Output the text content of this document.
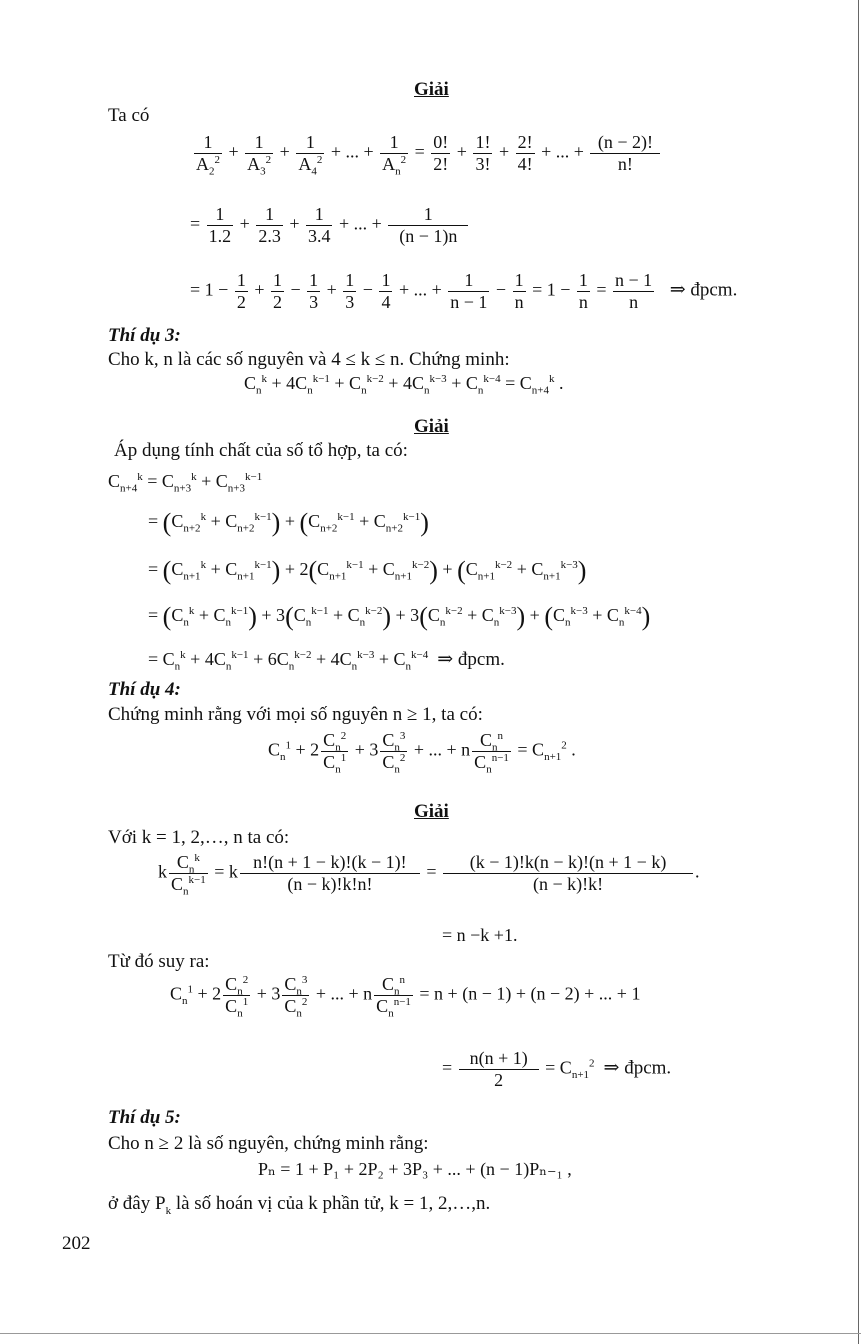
Giải
Ta có
$\frac{1}{A_2^2} + \frac{1}{A_3^2} + \frac{1}{A_4^2}$ + ... + $\frac{1}{A_n^2} = \frac{0!}{2!} + \frac{1!}{3!} + \frac{2!}{4!}$ + ... + $\frac{(n - 2)!}{n!}$
= $\frac{1}{1.2} + \frac{1}{2.3} + \frac{1}{3.4}$ + ... + $\frac{1}{(n - 1)n}$
= $1 - \frac{1}{2} + \frac{1}{2} - \frac{1}{3} + \frac{1}{3} - \frac{1}{4}$ + ... + $\frac{1}{n - 1} - \frac{1}{n} = 1 - \frac{1}{n} = \frac{n - 1}{n}$ ⇒ đpcm.
Thí dụ 3:
Cho k, n là các số nguyên và 4 ≤ k ≤ n. Chứng minh:
$C_n^k + 4C_n^{k-1} + C_n^{k-2} + 4C_n^{k-3} + C_n^{k-4} = C_{n+4}^k$ .
Giải
Áp dụng tính chất của số tổ hợp, ta có:
$C_{n+4}^k = C_{n+3}^k + C_{n+3}^{k-1}$
= $(C_{n+2}^k + C_{n+2}^{k-1}) + (C_{n+2}^{k-1} + C_{n+2}^{k-1})$
= $(C_{n+1}^k + C_{n+1}^{k-1}) + 2(C_{n+1}^{k-1} + C_{n+1}^{k-2}) + (C_{n+1}^{k-2} + C_{n+1}^{k-3})$
= $(C_n^k + C_n^{k-1}) + 3(C_n^{k-1} + C_n^{k-2}) + 3(C_n^{k-2} + C_n^{k-3}) + (C_n^{k-3} + C_n^{k-4})$
= $C_n^k + 4C_n^{k-1} + 6C_n^{k-2} + 4C_n^{k-3} + C_n^{k-4}$ ⇒ đpcm.
Thí dụ 4:
Chứng minh rằng với mọi số nguyên n ≥ 1, ta có:
$C_n^1 + 2 \frac{C_n^2}{C_n^1} + 3 \frac{C_n^3}{C_n^2}$ + ... + n $\frac{C_n^n}{C_n^{n-1}} = C_{n+1}^2$ .
Giải
Với k = 1, 2,…, n ta có:
k $\frac{C_n^k}{C_n^{k-1}} = k \frac{n!(n + 1 - k)!(k - 1)!}{(n - k)!k!n!} = \frac{(k - 1)!k(n - k)!(n + 1 - k)}{(n - k)!k!}$ .
= n −k +1.
Từ đó suy ra:
$C_n^1 + 2 \frac{C_n^2}{C_n^1} + 3 \frac{C_n^3}{C_n^2}$ + ... + n $\frac{C_n^n}{C_n^{n-1}} = n + (n - 1) + (n - 2)$ + ... + 1
= $\frac{n(n + 1)}{2} = C_{n+1}^2$ ⇒ đpcm.
Thí dụ 5:
Cho n ≥ 2 là số nguyên, chứng minh rằng:
Pₙ = 1 + P₁ + 2P₂ + 3P₃ + ... + (n − 1)Pₙ₋₁ ,
ở đây $P_k$ là số hoán vị của k phần tử, k = 1, 2,…,n.
202
